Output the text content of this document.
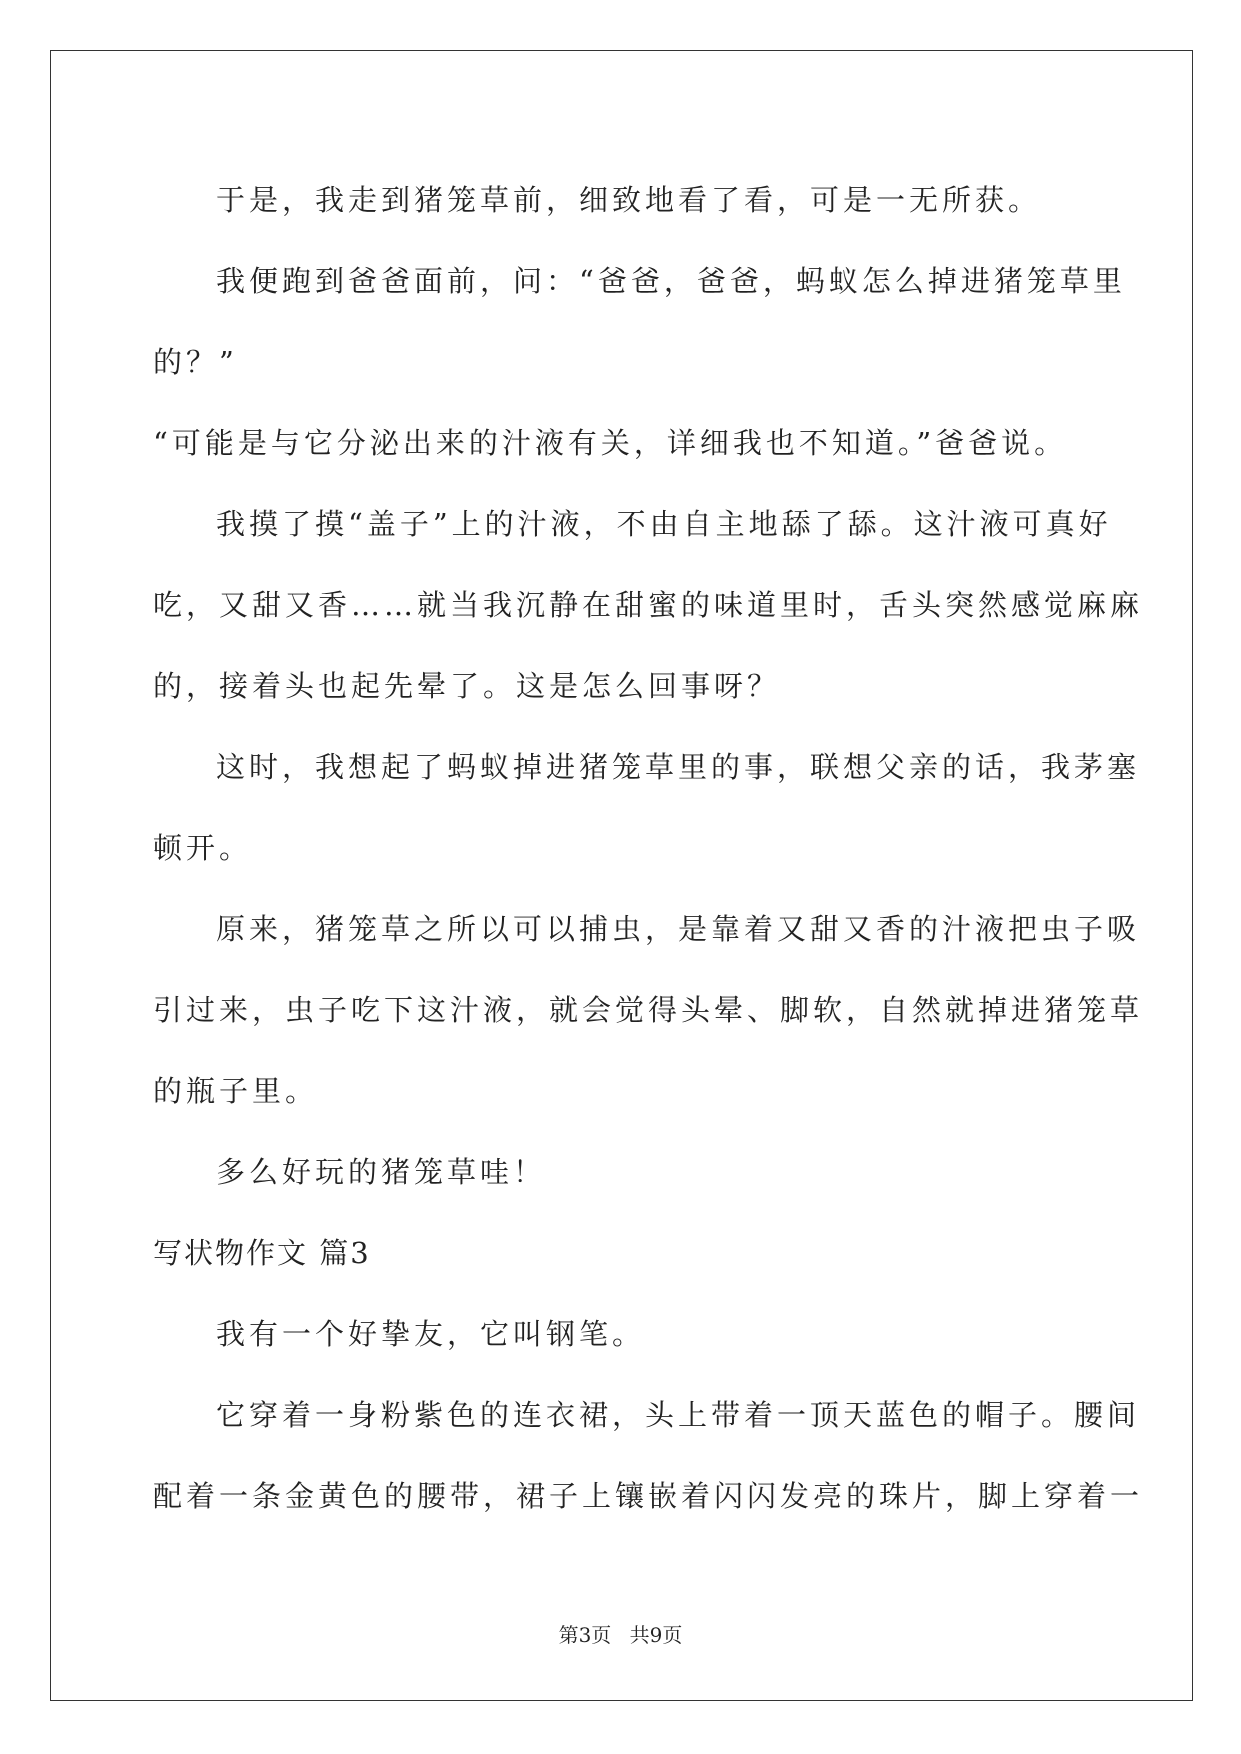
于是，我走到猪笼草前，细致地看了看，可是一无所获。

我便跑到爸爸面前，问：“爸爸，爸爸，蚂蚁怎么掉进猪笼草里

的？”

“可能是与它分泌出来的汁液有关，详细我也不知道。”爸爸说。

我摸了摸“盖子”上的汁液，不由自主地舔了舔。这汁液可真好

吃，又甜又香……就当我沉静在甜蜜的味道里时，舌头突然感觉麻麻

的，接着头也起先晕了。这是怎么回事呀？

这时，我想起了蚂蚁掉进猪笼草里的事，联想父亲的话，我茅塞

顿开。

原来，猪笼草之所以可以捕虫，是靠着又甜又香的汁液把虫子吸

引过来，虫子吃下这汁液，就会觉得头晕、脚软，自然就掉进猪笼草

的瓶子里。

多么好玩的猪笼草哇！

写状物作文 篇3

我有一个好挚友，它叫钢笔。

它穿着一身粉紫色的连衣裙，头上带着一顶天蓝色的帽子。腰间

配着一条金黄色的腰带，裙子上镶嵌着闪闪发亮的珠片，脚上穿着一

第3页 共9页
